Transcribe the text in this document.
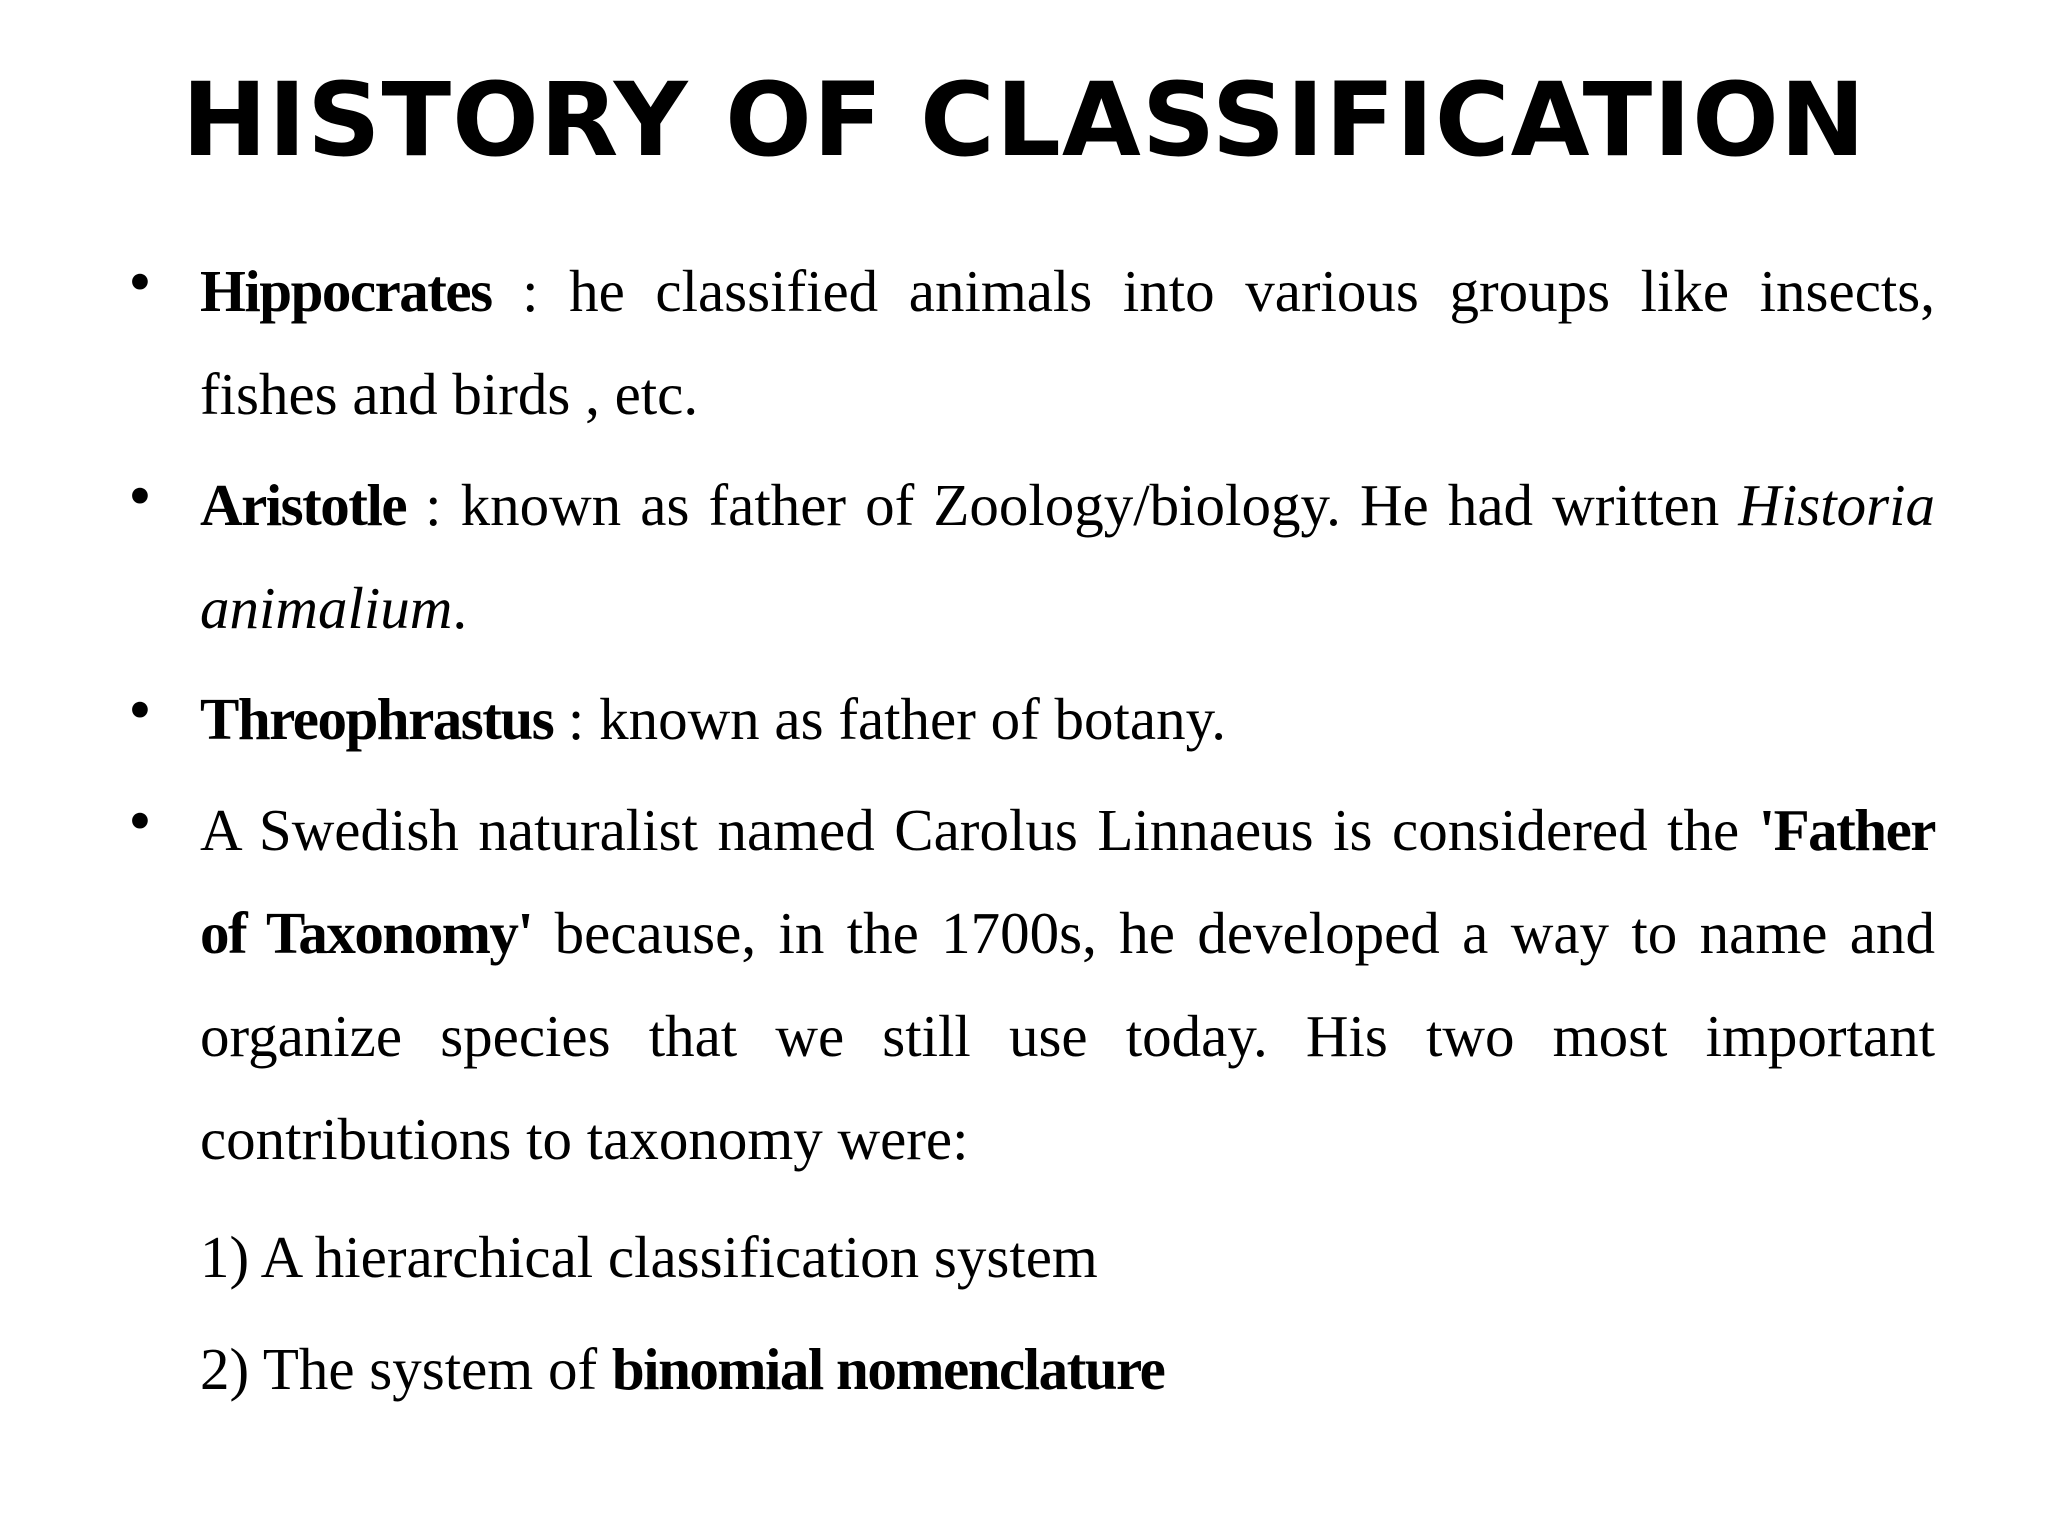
HISTORY OF CLASSIFICATION

• Hippocrates : he classified animals into various groups like insects, fishes and birds , etc.

• Aristotle : known as father of Zoology/biology. He had written Historia animalium.

• Threophrastus : known as father of botany.

• A Swedish naturalist named Carolus Linnaeus is considered the 'Father of Taxonomy' because, in the 1700s, he developed a way to name and organize species that we still use today. His two most important contributions to taxonomy were:

1) A hierarchical classification system

2) The system of binomial nomenclature
